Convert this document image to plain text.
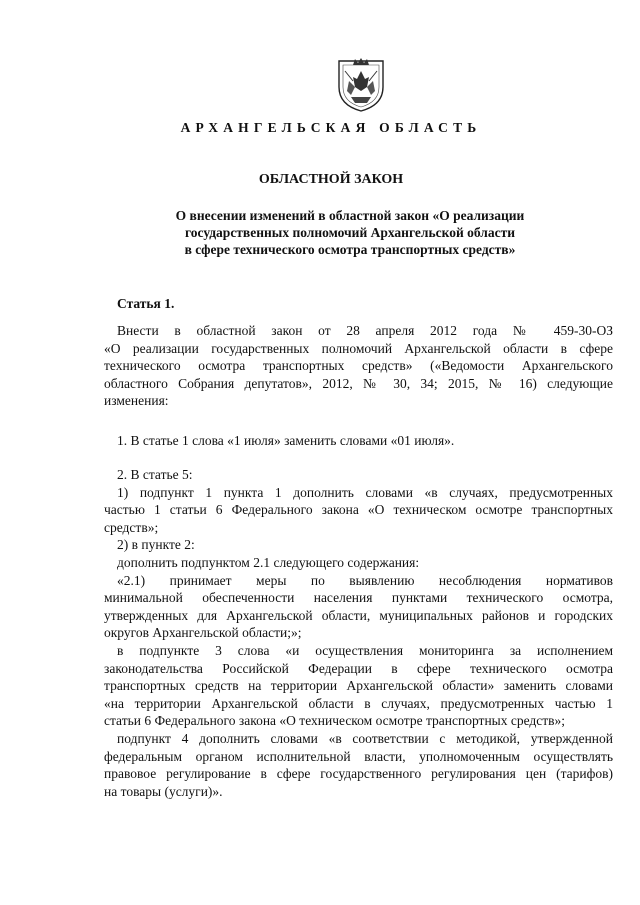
АРХАНГЕЛЬСКАЯ ОБЛАСТЬ
ОБЛАСТНОЙ ЗАКОН
О внесении изменений в областной закон «О реализации
государственных полномочий Архангельской области
в сфере технического осмотра транспортных средств»
Статья 1.
Внести в областной закон от 28 апреля 2012 года № 459-30-ОЗ
«О реализации государственных полномочий Архангельской области в сфере
технического осмотра транспортных средств» («Ведомости Архангельского
областного Собрания депутатов», 2012, № 30, 34; 2015, № 16) следующие
изменения:
1. В статье 1 слова «1 июля» заменить словами «01 июля».
2. В статье 5:
1) подпункт 1 пункта 1 дополнить словами «в случаях, предусмотренных
частью 1 статьи 6 Федерального закона «О техническом осмотре транспортных
средств»;
2) в пункте 2:
дополнить подпунктом 2.1 следующего содержания:
«2.1) принимает меры по выявлению несоблюдения нормативов
минимальной обеспеченности населения пунктами технического осмотра,
утвержденных для Архангельской области, муниципальных районов и городских
округов Архангельской области;»;
в подпункте 3 слова «и осуществления мониторинга за исполнением
законодательства Российской Федерации в сфере технического осмотра
транспортных средств на территории Архангельской области» заменить словами
«на территории Архангельской области в случаях, предусмотренных частью 1
статьи 6 Федерального закона «О техническом осмотре транспортных средств»;
подпункт 4 дополнить словами «в соответствии с методикой, утвержденной
федеральным органом исполнительной власти, уполномоченным осуществлять
правовое регулирование в сфере государственного регулирования цен (тарифов)
на товары (услуги)».
